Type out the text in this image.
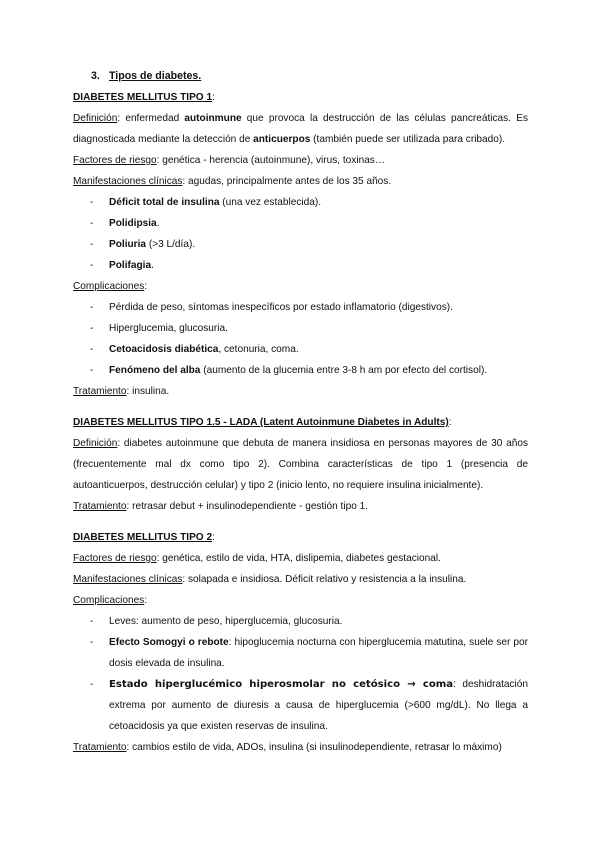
3. Tipos de diabetes.

DIABETES MELLITUS TIPO 1:

Definición: enfermedad autoinmune que provoca la destrucción de las células pancreáticas. Es diagnosticada mediante la detección de anticuerpos (también puede ser utilizada para cribado).

Factores de riesgo: genética - herencia (autoinmune), virus, toxinas…

Manifestaciones clínicas: agudas, principalmente antes de los 35 años.

- Déficit total de insulina (una vez establecida).
- Polidipsia.
- Poliuria (>3 L/día).
- Polifagia.

Complicaciones:

- Pérdida de peso, síntomas inespecíficos por estado inflamatorio (digestivos).
- Hiperglucemia, glucosuria.
- Cetoacidosis diabética, cetonuria, coma.
- Fenómeno del alba (aumento de la glucemia entre 3-8 h am por efecto del cortisol).

Tratamiento: insulina.

DIABETES MELLITUS TIPO 1.5 - LADA (Latent Autoinmune Diabetes in Adults):

Definición: diabetes autoinmune que debuta de manera insidiosa en personas mayores de 30 años (frecuentemente mal dx como tipo 2). Combina características de tipo 1 (presencia de autoanticuerpos, destrucción celular) y tipo 2 (inicio lento, no requiere insulina inicialmente).

Tratamiento: retrasar debut + insulinodependiente - gestión tipo 1.

DIABETES MELLITUS TIPO 2:

Factores de riesgo: genética, estilo de vida, HTA, dislipemia, diabetes gestacional.

Manifestaciones clínicas: solapada e insidiosa. Déficit relativo y resistencia a la insulina.

Complicaciones:

- Leves: aumento de peso, hiperglucemia, glucosuria.
- Efecto Somogyi o rebote: hipoglucemia nocturna con hiperglucemia matutina, suele ser por dosis elevada de insulina.
- Estado hiperglucémico hiperosmolar no cetósico → coma: deshidratación extrema por aumento de diuresis a causa de hiperglucemia (>600 mg/dL). No llega a cetoacidosis ya que existen reservas de insulina.

Tratamiento: cambios estilo de vida, ADOs, insulina (si insulinodependiente, retrasar lo máximo)
